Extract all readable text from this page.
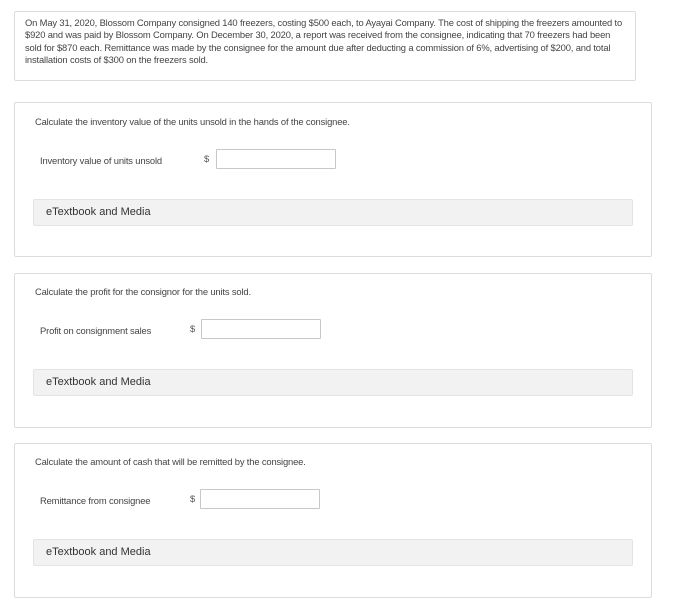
On May 31, 2020, Blossom Company consigned 140 freezers, costing $500 each, to Ayayai Company. The cost of shipping the freezers amounted to $920 and was paid by Blossom Company. On December 30, 2020, a report was received from the consignee, indicating that 70 freezers had been sold for $870 each. Remittance was made by the consignee for the amount due after deducting a commission of 6%, advertising of $200, and total installation costs of $300 on the freezers sold.
Calculate the inventory value of the units unsold in the hands of the consignee.
Inventory value of units unsold	$
eTextbook and Media
Calculate the profit for the consignor for the units sold.
Profit on consignment sales	$
eTextbook and Media
Calculate the amount of cash that will be remitted by the consignee.
Remittance from consignee	$
eTextbook and Media
